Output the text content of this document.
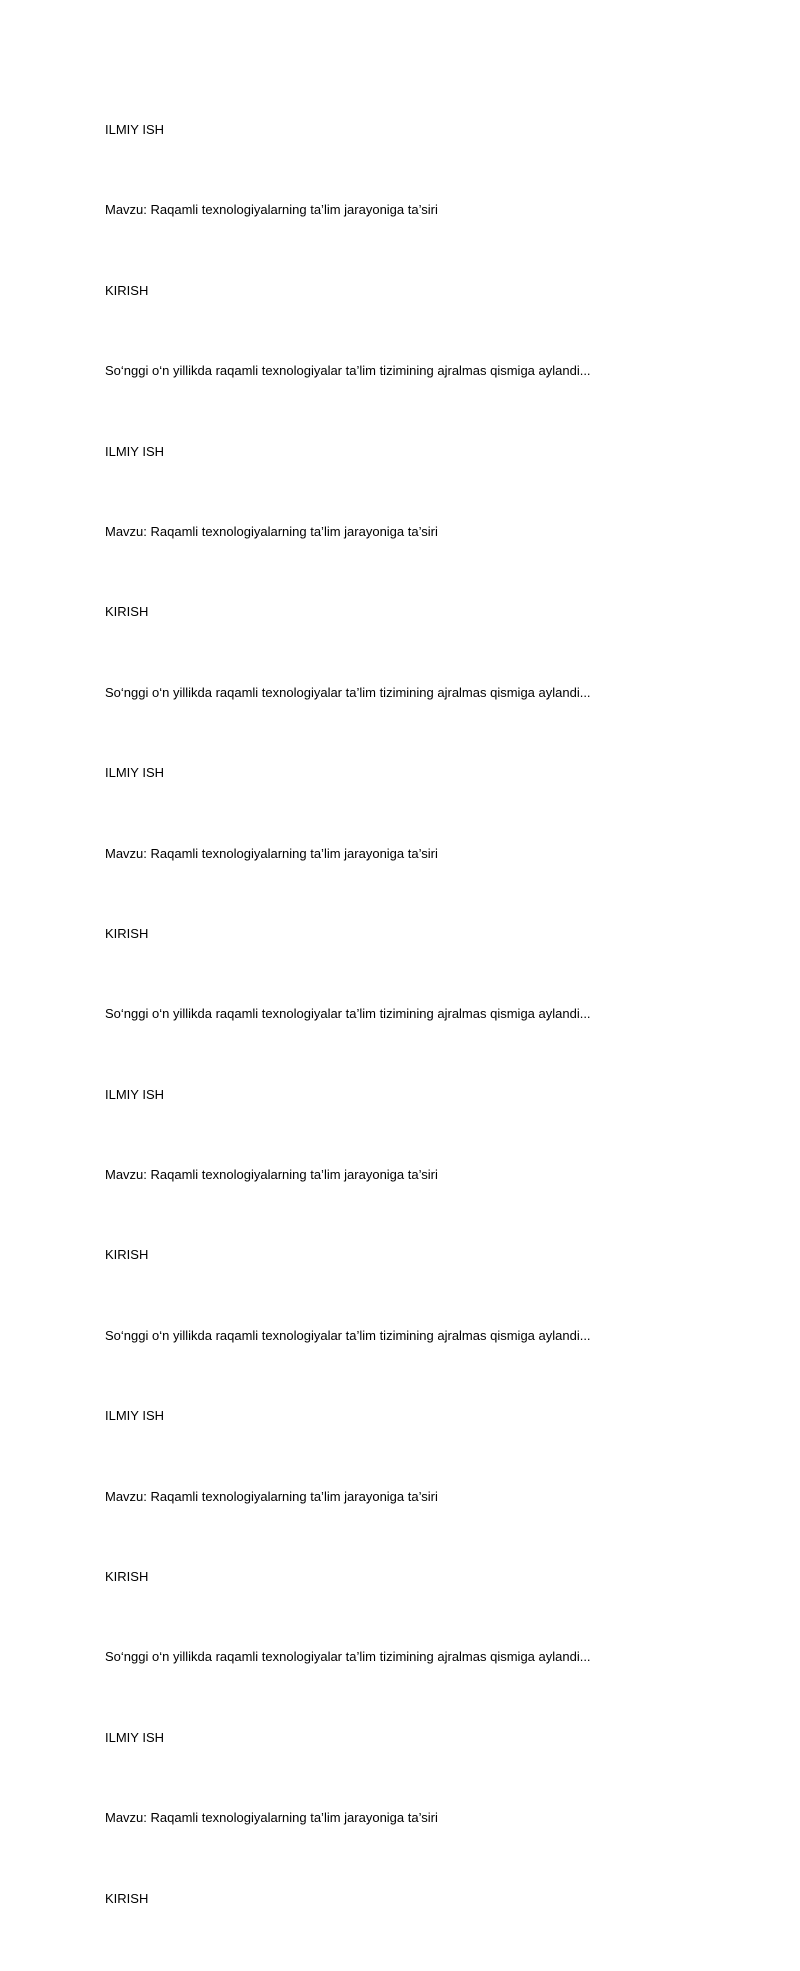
ILMIY ISH

Mavzu: Raqamli texnologiyalarning ta’lim jarayoniga ta’siri

KIRISH

So‘nggi o‘n yillikda raqamli texnologiyalar ta’lim tizimining ajralmas qismiga aylandi...

ILMIY ISH

Mavzu: Raqamli texnologiyalarning ta’lim jarayoniga ta’siri

KIRISH

So‘nggi o‘n yillikda raqamli texnologiyalar ta’lim tizimining ajralmas qismiga aylandi...

ILMIY ISH

Mavzu: Raqamli texnologiyalarning ta’lim jarayoniga ta’siri

KIRISH

So‘nggi o‘n yillikda raqamli texnologiyalar ta’lim tizimining ajralmas qismiga aylandi...

ILMIY ISH

Mavzu: Raqamli texnologiyalarning ta’lim jarayoniga ta’siri

KIRISH

So‘nggi o‘n yillikda raqamli texnologiyalar ta’lim tizimining ajralmas qismiga aylandi...

ILMIY ISH

Mavzu: Raqamli texnologiyalarning ta’lim jarayoniga ta’siri

KIRISH

So‘nggi o‘n yillikda raqamli texnologiyalar ta’lim tizimining ajralmas qismiga aylandi...

ILMIY ISH

Mavzu: Raqamli texnologiyalarning ta’lim jarayoniga ta’siri

KIRISH
